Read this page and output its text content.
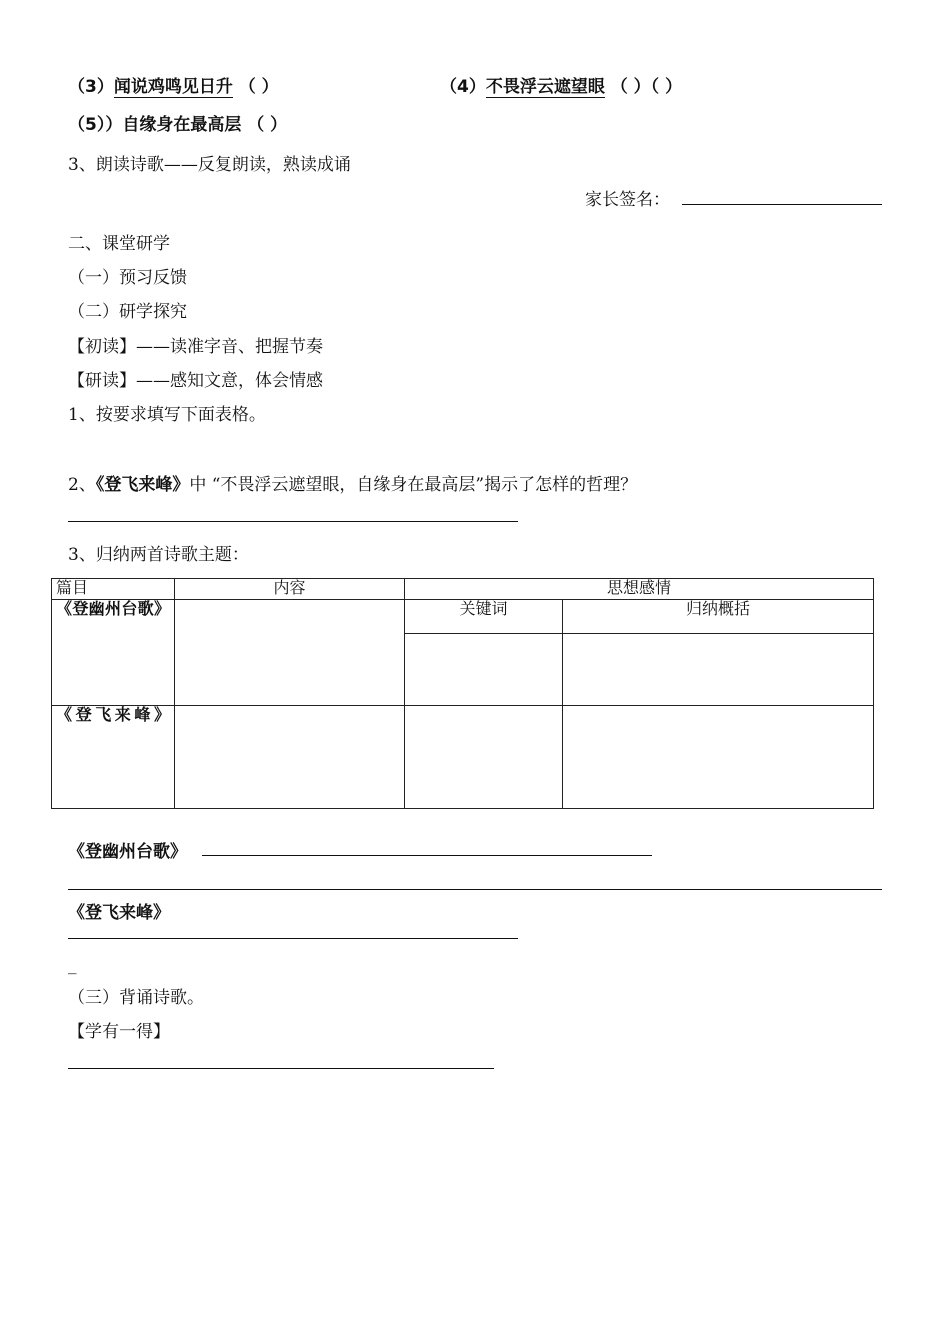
（3）闻说鸡鸣见日升 （ ）	（4）不畏浮云遮望眼 （ ）（ ）
（5））自缘身在最高层 （ ）
3、朗读诗歌——反复朗读，熟读成诵
家长签名：
二、课堂研学
（一）预习反馈
（二）研学探究
【初读】——读准字音、把握节奏
【研读】——感知文意，体会情感
1、按要求填写下面表格。
2、《登飞来峰》中 “不畏浮云遮望眼，自缘身在最高层”揭示了怎样的哲理？
3、归纳两首诗歌主题：
篇目	内容	思想感情	

《登幽州台歌》		关键词	归纳概括

《登飞来峰》			

《登幽州台歌》
《登飞来峰》
_
（三）背诵诗歌。
【学有一得】
